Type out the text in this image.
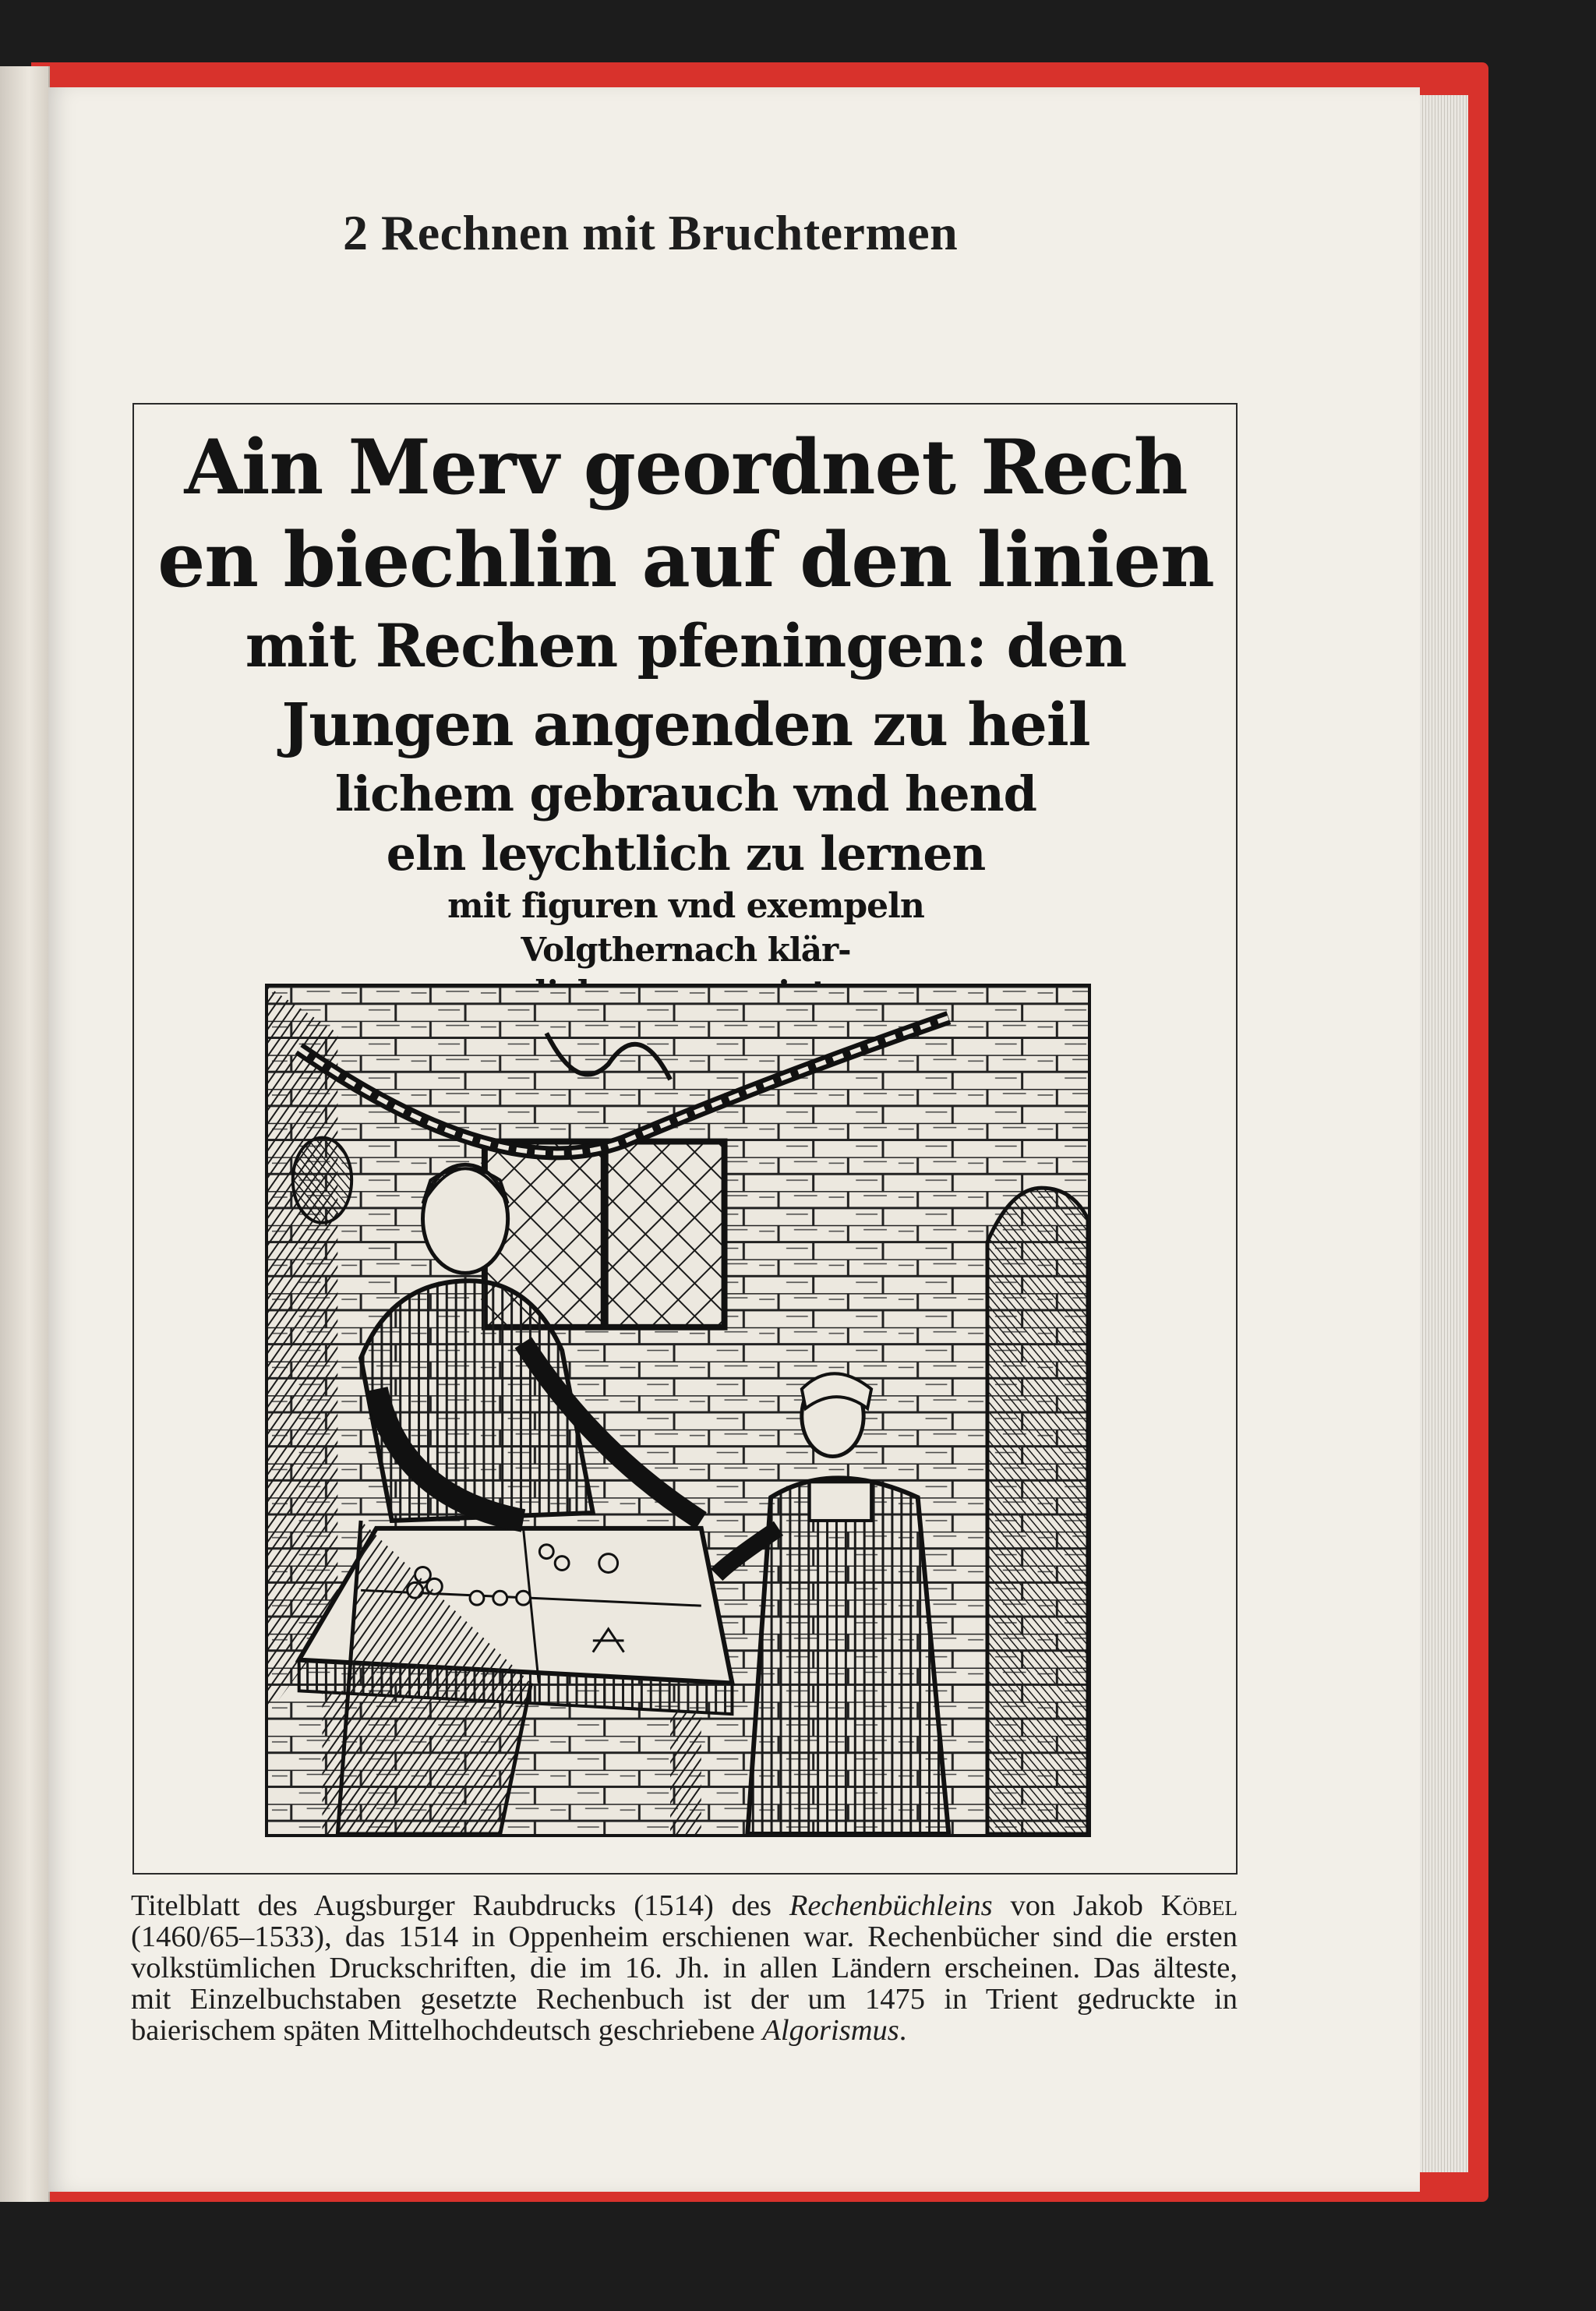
2 Rechnen mit Bruchtermen
Ain Merv geordnet Rech
en biechlin auf den linien
mit Rechen pfeningen: den
Jungen angenden zu heil
lichem gebrauch vnd hend
eln leychtlich zu lernen
mit figuren vnd exempeln
Volgthernach klär-
Titelblatt des Augsburger Raubdrucks (1514) des Rechenbüchleins von Jakob Köbel
(1460/65–1533), das 1514 in Oppenheim erschienen war. Rechenbücher sind die ersten
volkstümlichen Druckschriften, die im 16. Jh. in allen Ländern erscheinen. Das älteste,
mit Einzelbuchstaben gesetzte Rechenbuch ist der um 1475 in Trient gedruckte in
baierischem späten Mittelhochdeutsch geschriebene Algorismus.
